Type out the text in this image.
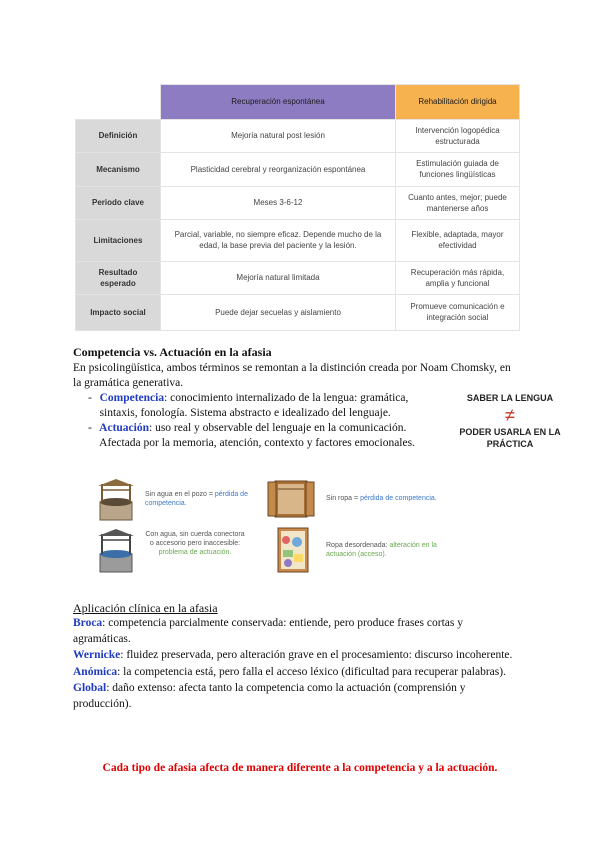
	Recuperación espontánea	Rehabilitación dirigida
Definición	Mejoría natural post lesión	Intervención logopédica estructurada
Mecanismo	Plasticidad cerebral y reorganización espontánea	Estimulación guiada de funciones lingüísticas
Periodo clave	Meses 3-6-12	Cuanto antes, mejor; puede mantenerse años
Limitaciones	Parcial, variable, no siempre eficaz. Depende mucho de la edad, la base previa del paciente y la lesión.	Flexible, adaptada, mayor efectividad
Resultado esperado	Mejoría natural limitada	Recuperación más rápida, amplia y funcional
Impacto social	Puede dejar secuelas y aislamiento	Promueve comunicación e integración social
Competencia vs. Actuación en la afasia
En psicolingüística, ambos términos se remontan a la distinción creada por Noam Chomsky, en la gramática generativa.
- Competencia: conocimiento internalizado de la lengua: gramática, sintaxis, fonología. Sistema abstracto e idealizado del lenguaje.
- Actuación: uso real y observable del lenguaje en la comunicación. Afectada por la memoria, atención, contexto y factores emocionales.
SABER LA LENGUA
≠
PODER USARLA EN LA PRÁCTICA
Sin agua en el pozo = pérdida de competencia.
Sin ropa = pérdida de competencia.
Con agua, sin cuerda conectora o accesorio pero inaccesible: problema de actuación.
Ropa desordenada: alteración en la actuación (acceso).
Aplicación clínica en la afasia

Broca: competencia parcialmente conservada: entiende, pero produce frases cortas y agramáticas.

Wernicke: fluidez preservada, pero alteración grave en el procesamiento: discurso incoherente.

Anómica: la competencia está, pero falla el acceso léxico (dificultad para recuperar palabras).

Global: daño extenso: afecta tanto la competencia como la actuación (comprensión y producción).

Cada tipo de afasia afecta de manera diferente a la competencia y a la actuación.
